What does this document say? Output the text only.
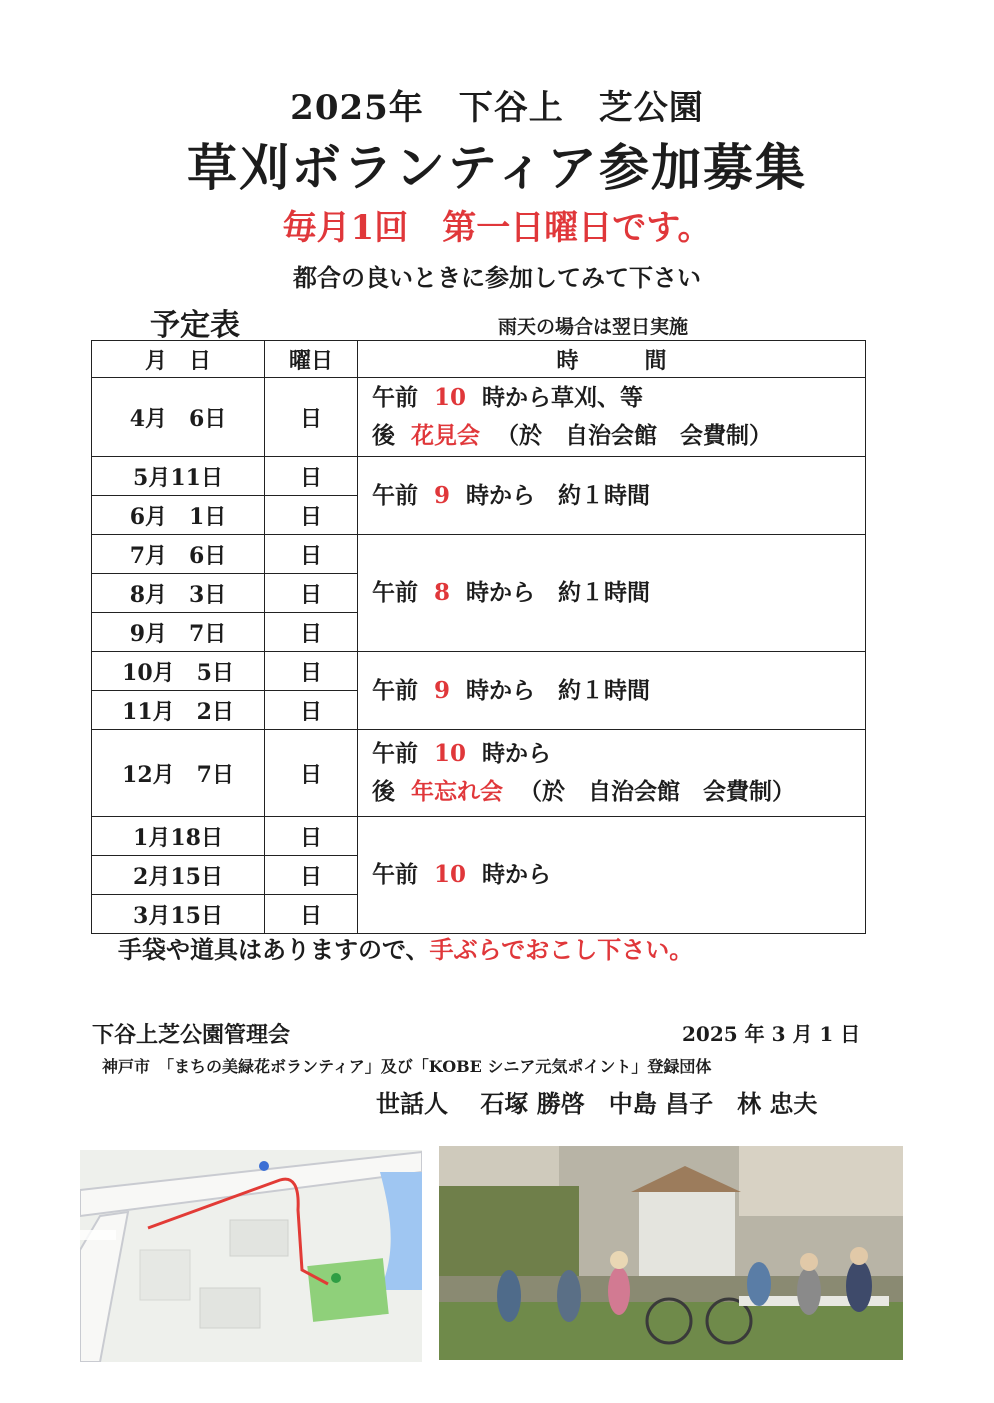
2025年　下谷上　芝公園
草刈ボランティア参加募集
毎月1回　第一日曜日です。
都合の良いときに参加してみて下さい
予定表	雨天の場合は翌日実施
月　日	曜日	時　　　間
4月　6日	日	午前 10 時から草刈、等
後 花見会 （於　自治会館　会費制）

5月11日	日	午前 9 時から　約１時間

6月　1日	日	
7月　6日	日	午前 8 時から　約１時間

8月　3日	日	
9月　7日	日	
10月　5日	日	午前 9 時から　約１時間

11月　2日	日	
12月　7日	日	午前 10 時から
後 年忘れ会 （於　自治会館　会費制）

1月18日	日	午前 10 時から

2月15日	日	
3月15日	日	
手袋や道具はありますので、手ぶらでおこし下さい。
下谷上芝公園管理会	2025 年 3 月 1 日
神戸市　「まちの美緑花ボランティア」及び「KOBE シニア元気ポイント」登録団体
世話人　 石塚 勝啓　中島 昌子　林 忠夫
